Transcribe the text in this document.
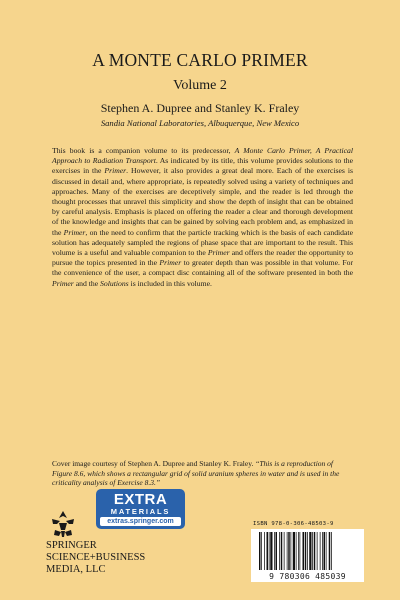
A MONTE CARLO PRIMER
Volume 2
Stephen A. Dupree and Stanley K. Fraley
Sandia National Laboratories, Albuquerque, New Mexico

This book is a companion volume to its predecessor, A Monte Carlo Primer, A Practical Approach to Radiation Transport. As indicated by its title, this volume provides solutions to the exercises in the Primer. However, it also provides a great deal more. Each of the exercises is discussed in detail and, where appropriate, is repeatedly solved using a variety of techniques and approaches. Many of the exercises are deceptively simple, and the reader is led through the thought processes that unravel this simplicity and show the depth of insight that can be obtained by careful analysis. Emphasis is placed on offering the reader a clear and thorough development of the knowledge and insights that can be gained by solving each problem and, as emphasized in the Primer, on the need to confirm that the particle tracking which is the basis of each candidate solution has adequately sampled the regions of phase space that are important to the result. This volume is a useful and valuable companion to the Primer and offers the reader the opportunity to pursue the topics presented in the Primer to greater depth than was possible in that volume. For the convenience of the user, a compact disc containing all of the software presented in both the Primer and the Solutions is included in this volume.

Cover image courtesy of Stephen A. Dupree and Stanley K. Fraley. “This is a reproduction of Figure 8.6, which shows a rectangular grid of solid uranium spheres in water and is used in the criticality analysis of Exercise 8.3.”

EXTRA
MATERIALS
extras.springer.com

SPRINGER SCIENCE+BUSINESS
MEDIA, LLC

ISBN 978-0-306-48503-9
9 780306 485039
